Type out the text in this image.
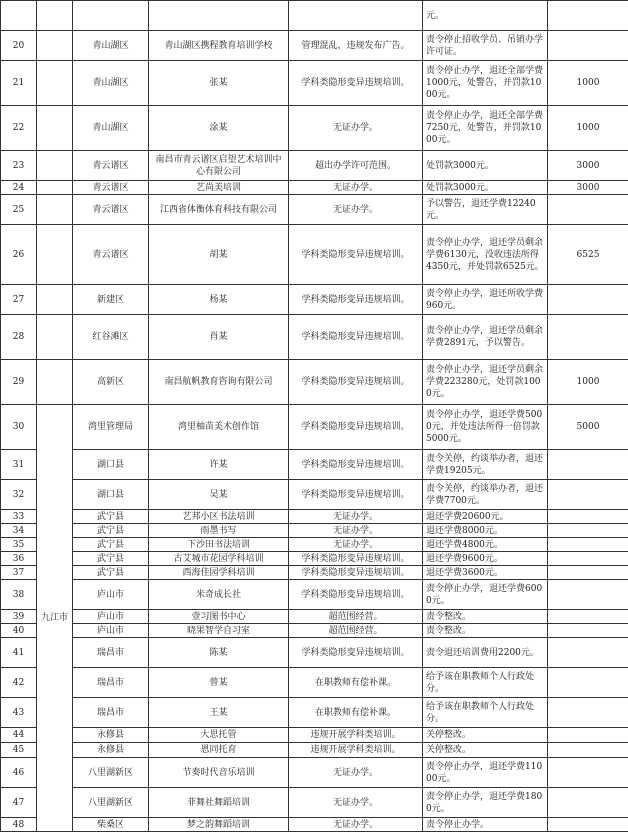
					元。	
20		青山湖区	青山湖区携程教育培训学校	管理混乱，违规发布广告。	责令停止招收学员、吊销办学许可证。	
21		青山湖区	张某	学科类隐形变异违规培训。	责令停止办学，退还全部学费1000元，处警告，并罚款1000元。	1000
22		青山湖区	涂某	无证办学。	责令停止办学，退还全部学费7250元，处警告，并罚款1000元。	1000
23		青云谱区	南昌市青云谱区启望艺术培训中心有限公司	超出办学许可范围。	处罚款3000元。	3000
24		青云谱区	艺尚美培训	无证办学。	处罚款3000元。	3000
25		青云谱区	江西省体衡体育科技有限公司	无证办学。	予以警告，退还学费12240元。	
26		青云谱区	胡某	学科类隐形变异违规培训。	责令停止办学，退还学员剩余学费6130元，没收违法所得4350元，并处罚款6525元。	6525
27		新建区	杨某	学科类隐形变异违规培训。	责令停止办学，退还所收学费960元。	
28		红谷滩区	肖某	学科类隐形变异违规培训。	责令停止办学，退还学员剩余学费2891元，予以警告。	
29		高新区	南昌航帆教育咨询有限公司	学科类隐形变异违规培训。	责令停止办学，退还学员剩余学费223280元，处罚款1000元。	1000
30	九江市	湾里管理局	湾里柚苗美术创作馆	学科类隐形变异违规培训。	责令停止办学，退还学费5000元，并处违法所得一倍罚款5000元。	5000
31		湖口县	许某	学科类隐形变异违规培训。	责令关停，约谈举办者，退还学费19205元。	
32		湖口县	吴某	学科类隐形变异违规培训。	责令关停，约谈举办者，退还学费7700元。	
33		武宁县	艺邦小区书法培训	无证办学。	退还学费20600元。	
34		武宁县	雨墨书写	无证办学。	退还学费8000元。	
35		武宁县	下沙田书法培训	无证办学。	退还学费4800元。	
36		武宁县	古艾城市花园学科培训	学科类隐形变异违规培训。	退还学费9600元。	
37		武宁县	西海佳园学科培训	学科类隐形变异违规培训。	退还学费3600元。	
38		庐山市	米奇成长社	学科类隐形变异违规培训。	责令停止办学，退还学费6000元。	
39		庐山市	壹习图书中心	超范围经营。	责令整改。	
40		庐山市	晓果智学自习室	超范围经营。	责令整改。	
41		瑞昌市	陈某	学科类隐形变异违规培训。	责令退还培训费用2200元。	
42		瑞昌市	曾某	在职教师有偿补课。	给予该在职教师个人行政处分。	
43		瑞昌市	王某	在职教师有偿补课。	给予该在职教师个人行政处分。	
44		永修县	大思托管	违规开展学科类培训。	关停整改。	
45		永修县	恩同托育	违规开展学科类培训。	关停整改。	
46		八里湖新区	节奏时代音乐培训	无证办学。	责令停止办学，退还学费11000元。	
47		八里湖新区	菲舞社舞蹈培训	无证办学。	责令停止办学，退还学费1800元。	
48		柴桑区	梦之韵舞蹈培训	无证办学。	责令停止办学。	
